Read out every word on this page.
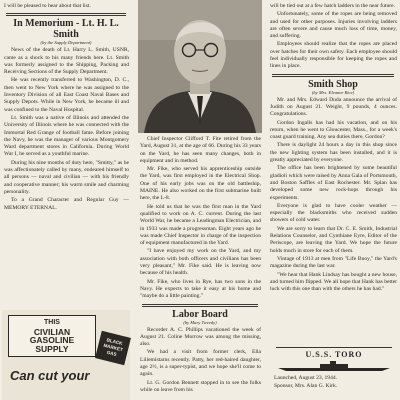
I will be pleased to hear about that list.

In Memorium - Lt. H. L. Smith
(by the Supply Department)

News of the death of Lt. Harry L. Smith, USNR, came as a shock to his many friends here. Lt. Smith was formerly assigned to the Shipping, Packing and Receiving Sections of the Supply Department.

He was recently transferred to Washington, D. C., then went to New York where he was assigned to the Inventory Division of all East Coast Naval Bases and Supply Depots. While in New York, he became ill and was confined to the Naval Hospital.

Lt. Smith was a native of Illinois and attended the University of Illinois where he was connected with the Immortal Red Grange of football fame. Before joining the Navy, he was the manager of various Montgomery Ward department stores in California. During World War I, he served as a youthful marine.

During his nine months of duty here, "Smitty," as he was affectionately called by many, endeared himself to all persons — naval and civilian — with his friendly and cooperative manner; his warm smile and charming personality.

To a Grand Character and Regular Guy — MEMORY ETERNAL.

THIS
CIVILIAN
GASOLINE
SUPPLY
BLACK MARKET GAS
Can cut your

Chief Inspector Clifford T. Fite retired from the Yard, August 31, at the age of 66. During his 33 years on the Yard, he has seen many changes, both in equipment and in method.

Mr. Fike, who served his apprenticeship outside the Yard, was first employed in the Electrical Shop. One of his early jobs was on the old battleship, MAINE. He also worked on the first submarine built here, the L-8.

He told us that he was the first man in the Yard qualified to work on A. C. current. During the last World War, he became a Leadingman Electrician, and in 1933 was made a progressman. Eight years ago he was made Chief Inspector in charge of the inspection of equipment manufactured in the Yard.

"I have enjoyed my work on the Yard, and my association with both officers and civilians has been very pleasant," Mr. Fike said. He is leaving now because of his health.

Mr. Fike, who lives in Rye, has two sons in the Navy. He expects to take it easy at his home and "maybe do a little painting."

Labor Board
(by Mary Tweedy)

Recorder A. C. Phillips vacationed the week of August 21. Coline Morrow was among the missing, also.

We had a visit from former clerk, Ella Lillemistarns recently. Patty, her red-haired daughter, age 2½, is a super-typist, and we hope she'll come to again.

Lt. G. Gordon Bennett stopped in to see the folks while on leave from his

will be tied out at a few hatch ladders in the near future.

Unfortunately, some of the ropes are being removed and used for other purposes. Injuries involving ladders are often severe and cause much loss of time, money, and suffering.

Employees should realize that the ropes are placed over hatches for their own safety. Each employee should feel individually responsible for keeping the ropes and lines in place.

Smith Shop
(by Mrs. Eleanor Rice)

Mr. and Mrs. Edward Duda announce the arrival of Judith on August 21. Weight, 9 pounds, 4 ounces. Congratulations.

Gordon Ingalls has had his vacation, and on his return, when he went to Gloucester, Mass., for a week's coast guard training. Any sea duties there, Gordon?

There is daylight 24 hours a day in this shop since the new lighting system has been installed, and it is greatly appreciated by everyone.

The office has been brightened by some beautiful gladioli which were raised by Anna Gala of Portsmouth, and Boston Saffles of East Rochester. Mr. Splan has developed some new rock-hops through his experiments.

Everyone is glad to have cooler weather — especially the blacksmiths who received sudden showers of cold water.

We are sorry to learn that Dr. C. E. Smith, Industrial Relations Counselor, and Cynthiane Eyre, Editor of the Periscope, are leaving the Yard. We hope the future holds much in store for each of them.

Vintage of 1913 at men from "Life Buoy," the Yard's magazine during the last war.

"We hear that Hank Lindsay has bought a new house, and turned him flipped. We all hope that Hank has better luck with this one than with the others he has had."

U.S.S. TORO

Launched, August 23, 1944.

Sponsor, Mrs. Alan G. Kirk.
